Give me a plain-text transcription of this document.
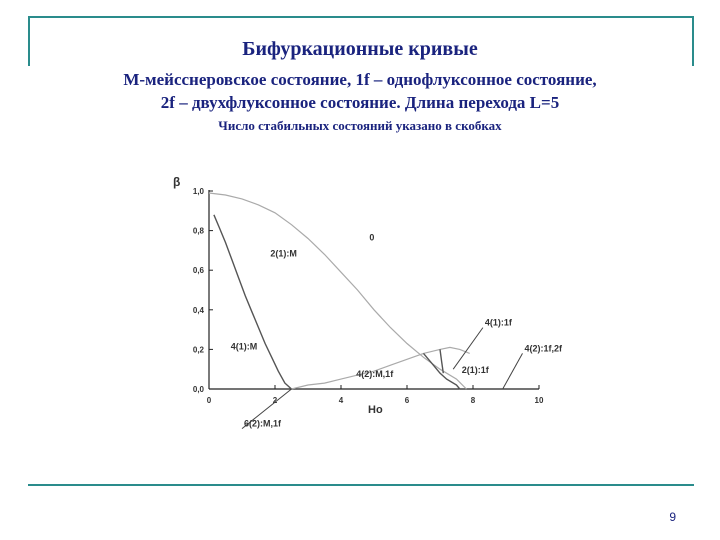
Бифуркационные кривые
М-мейсснеровское состояние, 1f – однофлуксонное состояние,
2f – двухфлуксонное состояние. Длина перехода L=5
Число стабильных состояний указано в скобках
0	2	4	6	8	10
0,0
0,2
0,4
0,6
0,8
1,0
0
2(1):M
4(1):M
4(1):1f
4(2):1f,2f
4(2):M,1f	2(1):1f
6(2):M,1f
β
Ho
9
